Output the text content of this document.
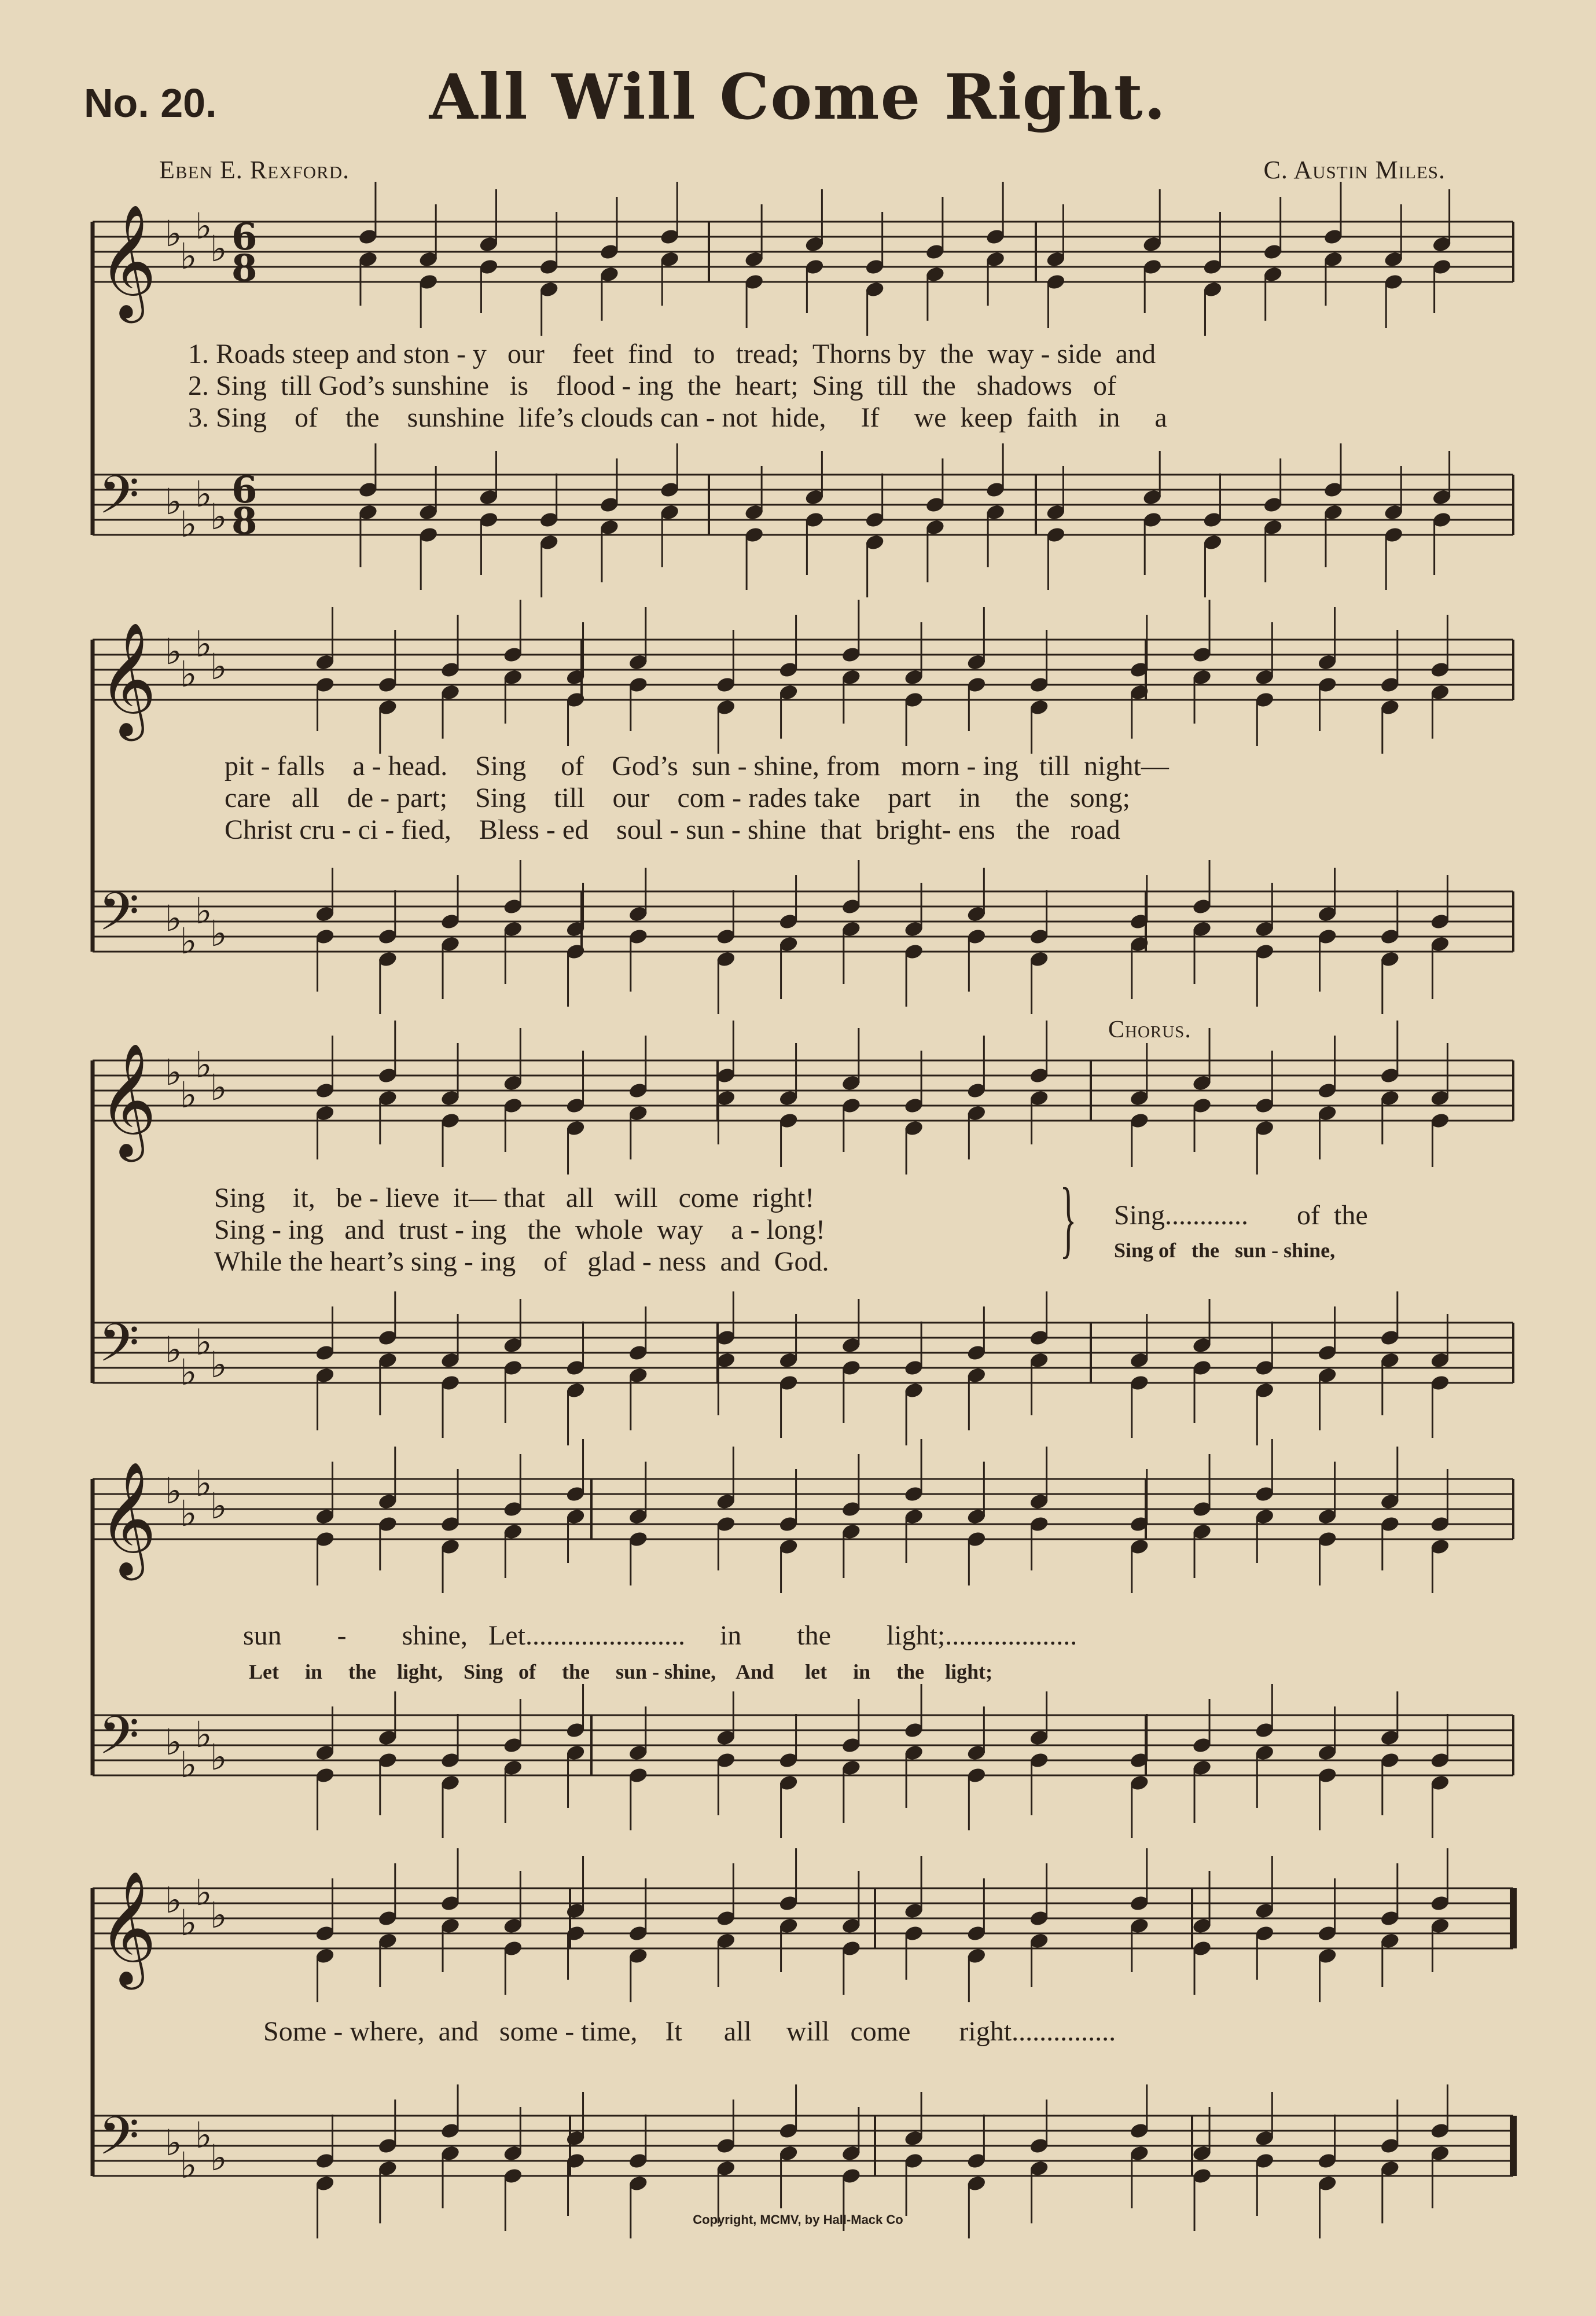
No. 20.	All Will Come Right.
Eben E. Rexford.	C. Austin Miles.
𝄞 ♭
♭
♭
♭ 6
8
𝄢 ♭
♭
♭
♭
6
8
𝄞 ♭
♭
♭
♭
𝄢 ♭
♭
♭
♭
𝄞 ♭
♭
♭
♭
𝄢 ♭
♭
♭
♭
𝄞 ♭
♭
♭
♭
𝄢 ♭
♭
♭
♭
𝄞 ♭
♭
♭
♭
𝄢 ♭
♭
♭
♭
1. Roads steep and ston - y   our    feet  find   to   tread;  Thorns by  the  way - side  and
2. Sing  till God’s sunshine   is    flood - ing  the  heart;  Sing  till  the   shadows   of
3. Sing    of    the    sunshine  life’s clouds can - not  hide,     If     we  keep  faith   in     a
pit - falls    a - head.    Sing     of    God’s  sun - shine, from   morn - ing   till  night—
care   all    de - part;    Sing    till    our    com - rades take    part    in     the   song;
Christ cru - ci - fied,    Bless - ed    soul - sun - shine  that  bright- ens   the   road
Chorus.
Sing    it,   be - lieve  it— that   all   will   come  right!
Sing - ing   and  trust - ing   the  whole  way    a - long!
While the heart’s sing - ing    of   glad - ness  and  God.	} Sing............       of  the
Sing of   the   sun - shine,
sun        -        shine,   Let.......................     in        the        light;...................
Let     in     the    light,    Sing   of     the     sun - shine,    And      let     in     the    light;
Some - where,  and   some - time,    It      all     will   come       right...............
Copyright, MCMV, by Hall-Mack Co
